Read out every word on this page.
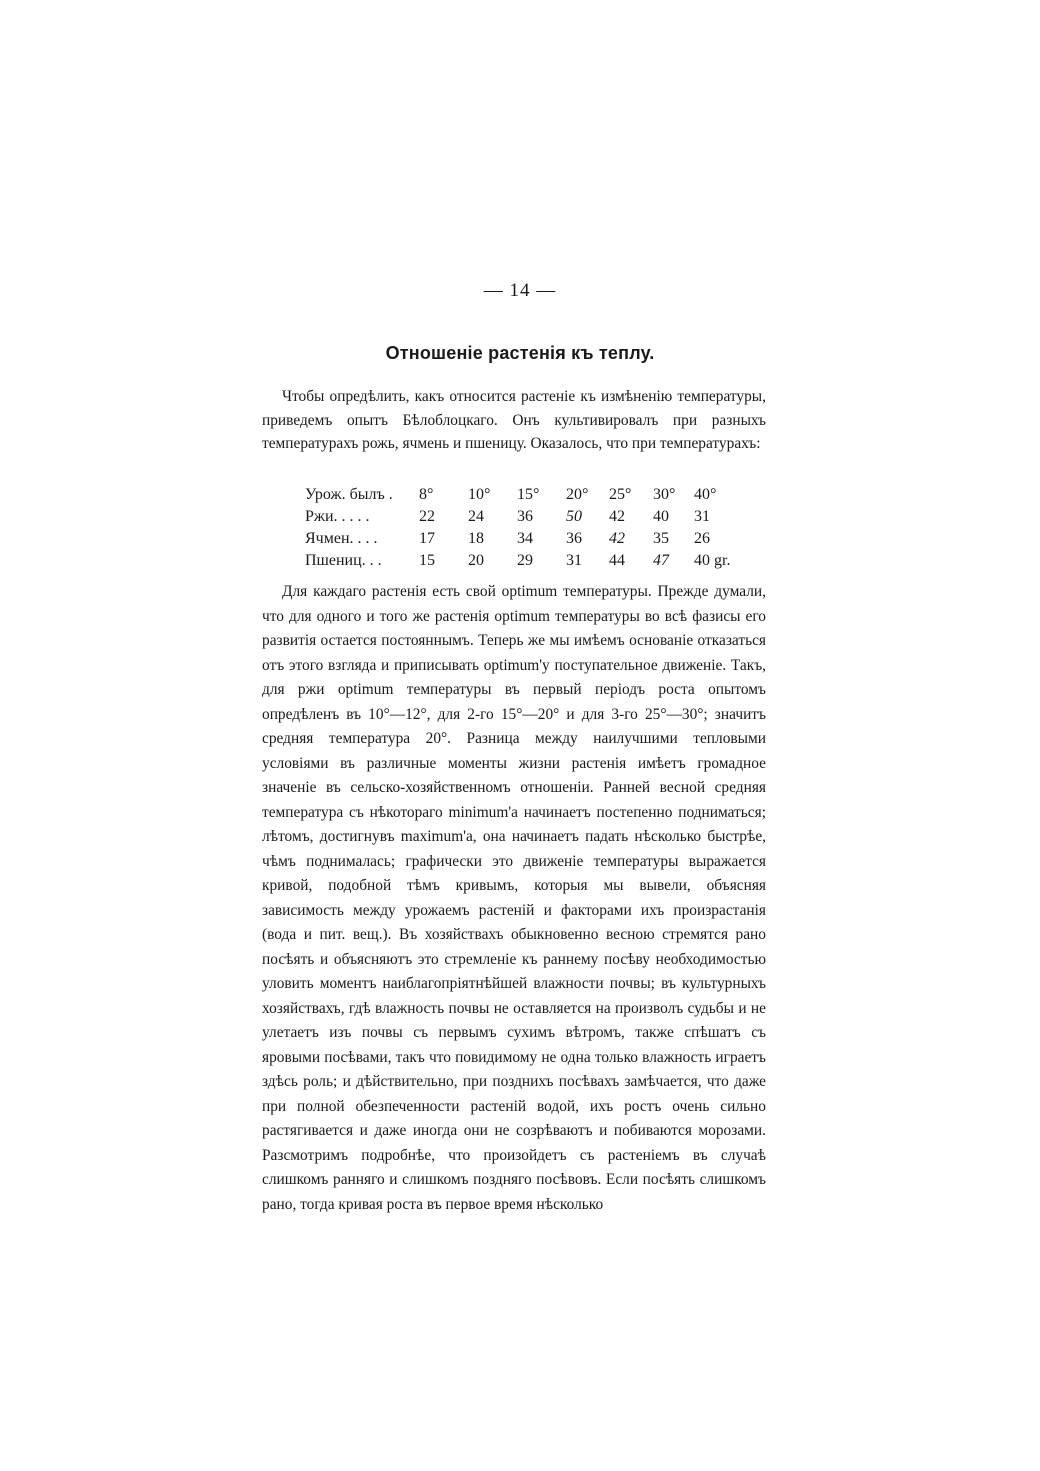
— 14 —
Отношенiе растенiя къ теплу.

Чтобы опредѣлить, какъ относится растенiе къ измѣненiю температуры, приведемъ опытъ Бѣлоблоцкаго. Онъ культивировалъ при разныхъ температурахъ рожь, ячмень и пшеницу. Оказалось, что при температурахъ:

Урож. былъ .	8°	10°	15°	20°	25°	30°	40°
Ржи. . . . .	22	24	36	50	42	40	31
Ячмен. . . .	17	18	34	36	42	35	26
Пшениц. . .	15	20	29	31	44	47	40 gr.

Для каждаго растенiя есть свой optimum температуры. Прежде думали, что для одного и того же растенiя optimum температуры во всѣ фазисы его развитiя остается постояннымъ. Теперь же мы имѣемъ основанiе отказаться отъ этого взгляда и приписывать optimum'у поступательное движенiе. Такъ, для ржи optimum температуры въ первый перiодъ роста опытомъ опредѣленъ въ 10°—12°, для 2-го 15°—20° и для 3-го 25°—30°; значитъ средняя температура 20°. Разница между наилучшими тепловыми условiями въ различные моменты жизни растенiя имѣетъ громадное значенiе въ сельско-хозяйственномъ отношенiи. Ранней весной средняя температура съ нѣкотораго minimum'а начинаетъ постепенно подниматься; лѣтомъ, достигнувъ maximum'а, она начинаетъ падать нѣсколько быстрѣе, чѣмъ поднималась; графически это движенiе температуры выражается кривой, подобной тѣмъ кривымъ, которыя мы вывели, объясняя зависимость между урожаемъ растенiй и факторами ихъ произрастанiя (вода и пит. вещ.). Въ хозяйствахъ обыкновенно весною стремятся рано посѣять и объясняютъ это стремленiе къ раннему посѣву необходимостью уловить моментъ наиблагопрiятнѣйшей влажности почвы; въ культурныхъ хозяйствахъ, гдѣ влажность почвы не оставляется на произволъ судьбы и не улетаетъ изъ почвы съ первымъ сухимъ вѣтромъ, также спѣшатъ съ яровыми посѣвами, такъ что повидимому не одна только влажность играетъ здѣсь роль; и дѣйствительно, при позднихъ посѣвахъ замѣчается, что даже при полной обезпеченности растенiй водой, ихъ ростъ очень сильно растягивается и даже иногда они не созрѣваютъ и побиваются морозами. Разсмотримъ подробнѣе, что произойдетъ съ растенiемъ въ случаѣ слишкомъ ранняго и слишкомъ поздняго посѣвовъ. Если посѣять слишкомъ рано, тогда кривая роста въ первое время нѣсколько
